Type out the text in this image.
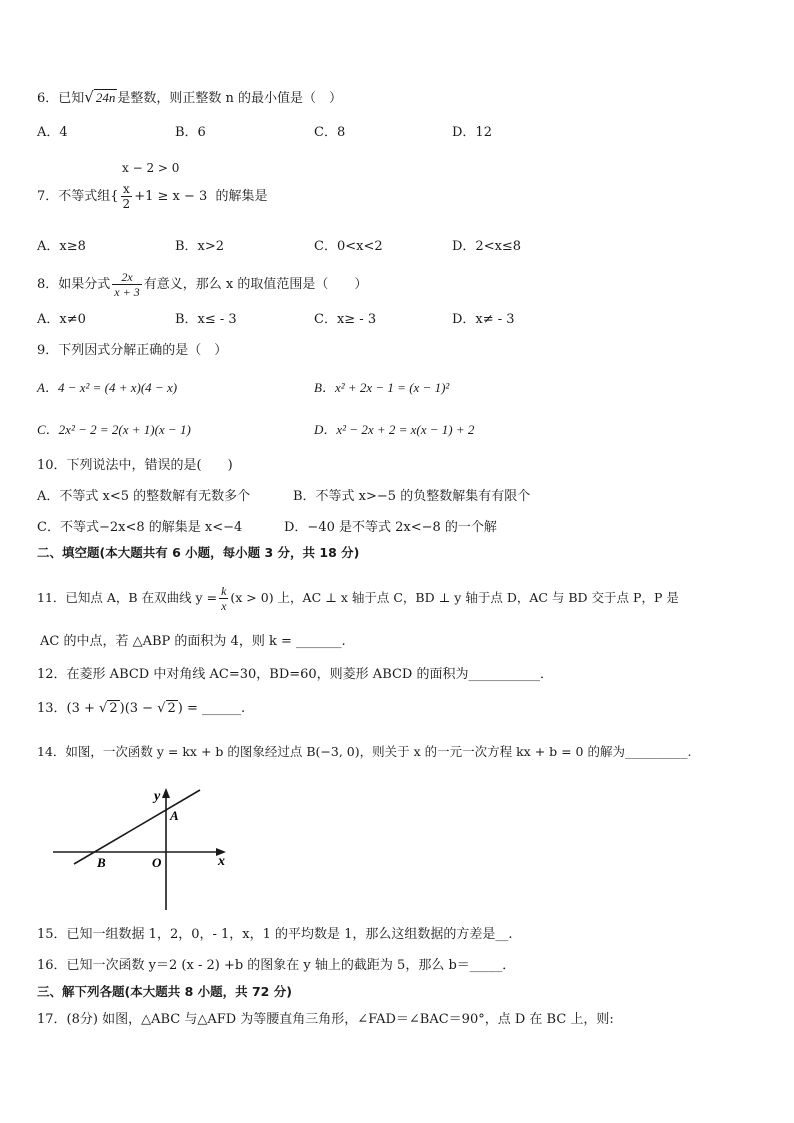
6．已知√ 24n 是整数，则正整数 n 的最小值是（　）
A．4	B．6	C．8	D．12
x − 2 > 0
7．不等式组{ $\frac{x}{2} +1 \ge x - 3$ 的解集是
A．x≥8	B．x>2	C．0<x<2	D．2<x≤8
8．如果分式 $\frac{2x}{x + 3}$ 有意义，那么 x 的取值范围是（　　）
A．x≠0	B．x≤ - 3	C．x≥ - 3	D．x≠ - 3
9．下列因式分解正确的是（　）
A．4 − x² = (4 + x)(4 − x)	B．x² + 2x − 1 = (x − 1)²
C．2x² − 2 = 2(x + 1)(x − 1)	D．x² − 2x + 2 = x(x − 1) + 2
10．下列说法中，错误的是(　　)
A．不等式 x<5 的整数解有无数多个	B．不等式 x>−5 的负整数解集有有限个
C．不等式−2x<8 的解集是 x<−4	D．−40 是不等式 2x<−8 的一个解
二、填空题(本大题共有 6 小题，每小题 3 分，共 18 分)
11．已知点 A，B 在双曲线 $y = \frac{k}{x} (x > 0)$ 上，AC ⊥ x 轴于点 C，BD ⊥ y 轴于点 D，AC 与 BD 交于点 P，P 是
AC 的中点，若 △ABP 的面积为 4，则 k = _______.
12．在菱形 ABCD 中对角线 AC=30，BD=60，则菱形 ABCD 的面积为___________．
13．(3 + √ 2 )(3 − √ 2 ) = ______.
14．如图，一次函数 y = kx + b 的图象经过点 B(−3, 0)，则关于 x 的一元一次方程 kx + b = 0 的解为__________.
y
x
A
B	O
15．已知一组数据 1，2，0，- 1，x，1 的平均数是 1，那么这组数据的方差是__.
16．已知一次函数 y＝2 (x - 2) +b 的图象在 y 轴上的截距为 5，那么 b＝_____．
三、解下列各题(本大题共 8 小题，共 72 分)
17．(8分) 如图，△ABC 与△AFD 为等腰直角三角形，∠FAD＝∠BAC＝90°，点 D 在 BC 上，则:
